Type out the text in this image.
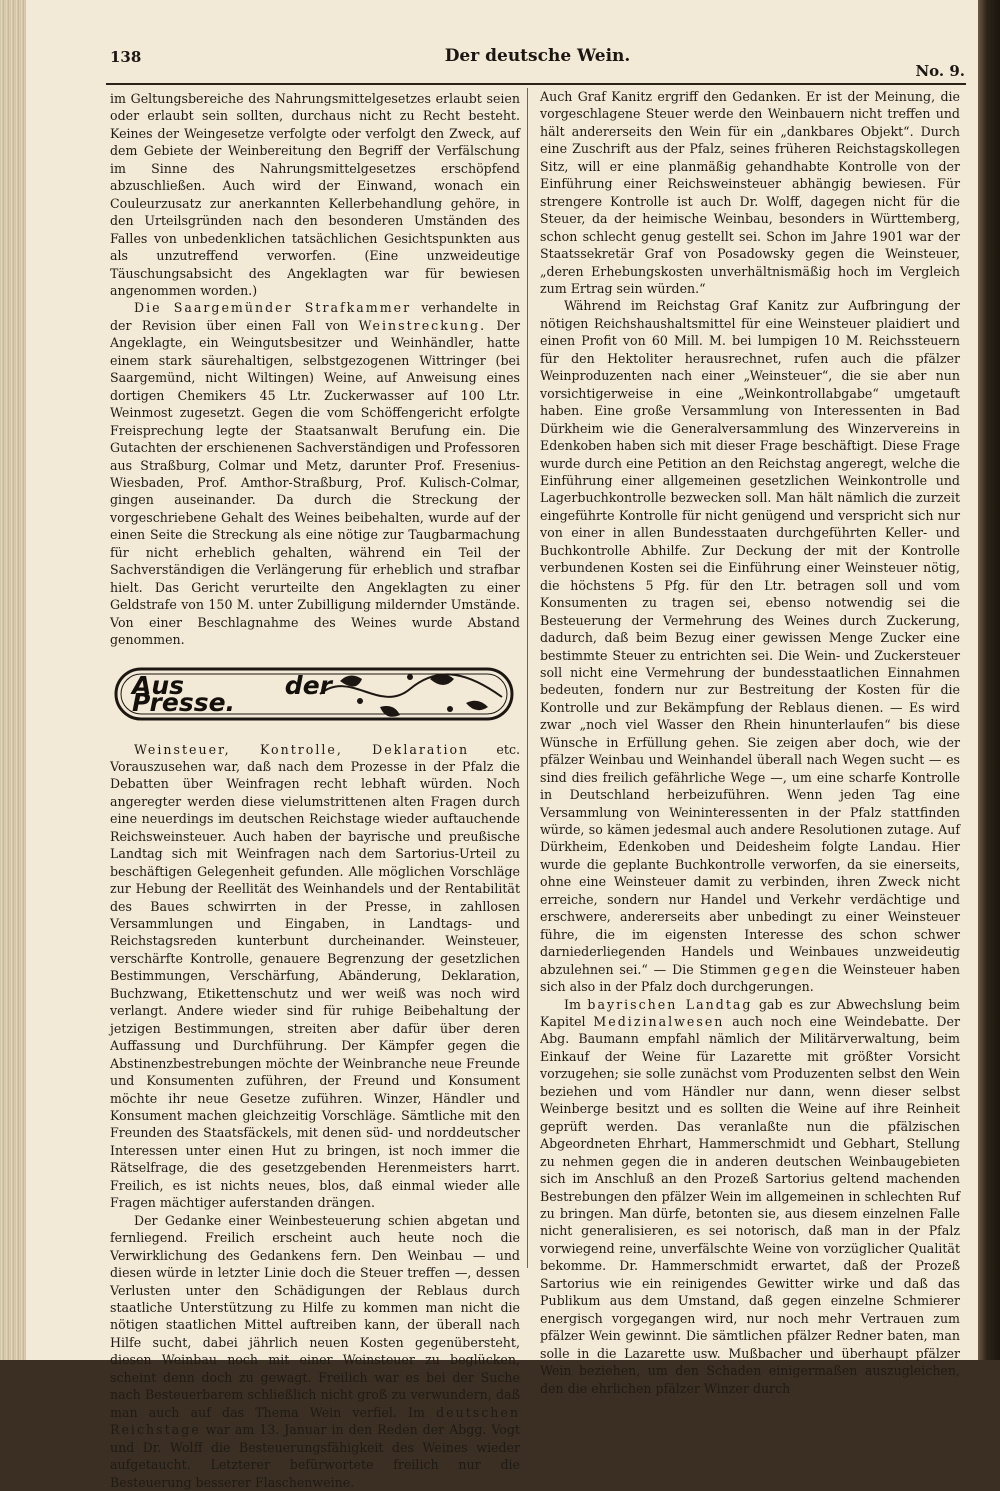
138	Der deutsche Wein.
No. 9.

im Geltungsbereiche des Nahrungsmittelgesetzes erlaubt seien oder erlaubt sein sollten, durchaus nicht zu Recht besteht. Keines der Weingesetze verfolgte oder verfolgt den Zweck, auf dem Gebiete der Weinbereitung den Begriff der Verfälschung im Sinne des Nahrungsmittelgesetzes erschöpfend abzuschließen. Auch wird der Einwand, wonach ein Couleurzusatz zur anerkannten Kellerbehandlung gehöre, in den Urteilsgründen nach den besonderen Umständen des Falles von unbedenklichen tatsächlichen Gesichtspunkten aus als unzutreffend verworfen. (Eine unzweideutige Täuschungsabsicht des Angeklagten war für bewiesen angenommen worden.)

Die Saargemünder Strafkammer verhandelte in der Revision über einen Fall von Weinstreckung. Der Angeklagte, ein Weingutsbesitzer und Weinhändler, hatte einem stark säurehaltigen, selbstgezogenen Wittringer (bei Saargemünd, nicht Wiltingen) Weine, auf Anweisung eines dortigen Chemikers 45 Ltr. Zuckerwasser auf 100 Ltr. Weinmost zugesetzt. Gegen die vom Schöffengericht erfolgte Freisprechung legte der Staatsanwalt Berufung ein. Die Gutachten der erschienenen Sachverständigen und Professoren aus Straßburg, Colmar und Metz, darunter Prof. Fresenius-Wiesbaden, Prof. Amthor-Straßburg, Prof. Kulisch-Colmar, gingen auseinander. Da durch die Streckung der vorgeschriebene Gehalt des Weines beibehalten, wurde auf der einen Seite die Streckung als eine nötige zur Taugbarmachung für nicht erheblich gehalten, während ein Teil der Sachverständigen die Verlängerung für erheblich und strafbar hielt. Das Gericht verurteilte den Angeklagten zu einer Geldstrafe von 150 M. unter Zubilligung mildernder Umstände. Von einer Beschlagnahme des Weines wurde Abstand genommen.

Aus der Presse.

Weinsteuer, Kontrolle, Deklaration etc. Vorauszusehen war, daß nach dem Prozesse in der Pfalz die Debatten über Weinfragen recht lebhaft würden. Noch angeregter werden diese vielumstrittenen alten Fragen durch eine neuerdings im deutschen Reichstage wieder auftauchende Reichsweinsteuer. Auch haben der bayrische und preußische Landtag sich mit Weinfragen nach dem Sartorius-Urteil zu beschäftigen Gelegenheit gefunden. Alle möglichen Vorschläge zur Hebung der Reellität des Weinhandels und der Rentabilität des Baues schwirrten in der Presse, in zahllosen Versammlungen und Eingaben, in Landtags- und Reichstagsreden kunterbunt durcheinander. Weinsteuer, verschärfte Kontrolle, genauere Begrenzung der gesetzlichen Bestimmungen, Verschärfung, Abänderung, Deklaration, Buchzwang, Etikettenschutz und wer weiß was noch wird verlangt. Andere wieder sind für ruhige Beibehaltung der jetzigen Bestimmungen, streiten aber dafür über deren Auffassung und Durchführung. Der Kämpfer gegen die Abstinenzbestrebungen möchte der Weinbranche neue Freunde und Konsumenten zuführen, der Freund und Konsument möchte ihr neue Gesetze zuführen. Winzer, Händler und Konsument machen gleichzeitig Vorschläge. Sämtliche mit den Freunden des Staatsfäckels, mit denen süd- und norddeutscher Interessen unter einen Hut zu bringen, ist noch immer die Rätselfrage, die des gesetzgebenden Herenmeisters harrt. Freilich, es ist nichts neues, blos, daß einmal wieder alle Fragen mächtiger auferstanden drängen.

Der Gedanke einer Weinbesteuerung schien abgetan und fernliegend. Freilich erscheint auch heute noch die Verwirklichung des Gedankens fern. Den Weinbau — und diesen würde in letzter Linie doch die Steuer treffen —, dessen Verlusten unter den Schädigungen der Reblaus durch staatliche Unterstützung zu Hilfe zu kommen man nicht die nötigen staatlichen Mittel auftreiben kann, der überall nach Hilfe sucht, dabei jährlich neuen Kosten gegenübersteht, diesen Weinbau noch mit einer Weinsteuer zu beglücken, scheint denn doch zu gewagt. Freilich war es bei der Suche nach Besteuerbarem schließlich nicht groß zu verwundern, daß man auch auf das Thema Wein verfiel. Im deutschen Reichstage war am 13. Januar in den Reden der Abgg. Vogt und Dr. Wolff die Besteuerungsfähigkeit des Weines wieder aufgetaucht. Letzterer befürwortete freilich nur die Besteuerung besserer Flaschenweine.

Auch Graf Kanitz ergriff den Gedanken. Er ist der Meinung, die vorgeschlagene Steuer werde den Weinbauern nicht treffen und hält andererseits den Wein für ein „dankbares Objekt“. Durch eine Zuschrift aus der Pfalz, seines früheren Reichstagskollegen Sitz, will er eine planmäßig gehandhabte Kontrolle von der Einführung einer Reichsweinsteuer abhängig bewiesen. Für strengere Kontrolle ist auch Dr. Wolff, dagegen nicht für die Steuer, da der heimische Weinbau, besonders in Württemberg, schon schlecht genug gestellt sei. Schon im Jahre 1901 war der Staatssekretär Graf von Posadowsky gegen die Weinsteuer, „deren Erhebungskosten unverhältnismäßig hoch im Vergleich zum Ertrag sein würden.“

Während im Reichstag Graf Kanitz zur Aufbringung der nötigen Reichshaushaltsmittel für eine Weinsteuer plaidiert und einen Profit von 60 Mill. M. bei lumpigen 10 M. Reichssteuern für den Hektoliter herausrechnet, rufen auch die pfälzer Weinproduzenten nach einer „Weinsteuer“, die sie aber nun vorsichtigerweise in eine „Weinkontrollabgabe“ umgetauft haben. Eine große Versammlung von Interessenten in Bad Dürkheim wie die Generalversammlung des Winzervereins in Edenkoben haben sich mit dieser Frage beschäftigt. Diese Frage wurde durch eine Petition an den Reichstag angeregt, welche die Einführung einer allgemeinen gesetzlichen Weinkontrolle und Lagerbuchkontrolle bezwecken soll. Man hält nämlich die zurzeit eingeführte Kontrolle für nicht genügend und verspricht sich nur von einer in allen Bundesstaaten durchgeführten Keller- und Buchkontrolle Abhilfe. Zur Deckung der mit der Kontrolle verbundenen Kosten sei die Einführung einer Weinsteuer nötig, die höchstens 5 Pfg. für den Ltr. betragen soll und vom Konsumenten zu tragen sei, ebenso notwendig sei die Besteuerung der Vermehrung des Weines durch Zuckerung, dadurch, daß beim Bezug einer gewissen Menge Zucker eine bestimmte Steuer zu entrichten sei. Die Wein- und Zuckersteuer soll nicht eine Vermehrung der bundesstaatlichen Einnahmen bedeuten, fondern nur zur Bestreitung der Kosten für die Kontrolle und zur Bekämpfung der Reblaus dienen. — Es wird zwar „noch viel Wasser den Rhein hinunterlaufen“ bis diese Wünsche in Erfüllung gehen. Sie zeigen aber doch, wie der pfälzer Weinbau und Weinhandel überall nach Wegen sucht — es sind dies freilich gefährliche Wege —, um eine scharfe Kontrolle in Deutschland herbeizuführen. Wenn jeden Tag eine Versammlung von Weininteressenten in der Pfalz stattfinden würde, so kämen jedesmal auch andere Resolutionen zutage. Auf Dürkheim, Edenkoben und Deidesheim folgte Landau. Hier wurde die geplante Buchkontrolle verworfen, da sie einerseits, ohne eine Weinsteuer damit zu verbinden, ihren Zweck nicht erreiche, sondern nur Handel und Verkehr verdächtige und erschwere, andererseits aber unbedingt zu einer Weinsteuer führe, die im eigensten Interesse des schon schwer darniederliegenden Handels und Weinbaues unzweideutig abzulehnen sei.“ — Die Stimmen gegen die Weinsteuer haben sich also in der Pfalz doch durchgerungen.

Im bayrischen Landtag gab es zur Abwechslung beim Kapitel Medizinalwesen auch noch eine Weindebatte. Der Abg. Baumann empfahl nämlich der Militärverwaltung, beim Einkauf der Weine für Lazarette mit größter Vorsicht vorzugehen; sie solle zunächst vom Produzenten selbst den Wein beziehen und vom Händler nur dann, wenn dieser selbst Weinberge besitzt und es sollten die Weine auf ihre Reinheit geprüft werden. Das veranlaßte nun die pfälzischen Abgeordneten Ehrhart, Hammerschmidt und Gebhart, Stellung zu nehmen gegen die in anderen deutschen Weinbaugebieten sich im Anschluß an den Prozeß Sartorius geltend machenden Bestrebungen den pfälzer Wein im allgemeinen in schlechten Ruf zu bringen. Man dürfe, betonten sie, aus diesem einzelnen Falle nicht generalisieren, es sei notorisch, daß man in der Pfalz vorwiegend reine, unverfälschte Weine von vorzüglicher Qualität bekomme. Dr. Hammerschmidt erwartet, daß der Prozeß Sartorius wie ein reinigendes Gewitter wirke und daß das Publikum aus dem Umstand, daß gegen einzelne Schmierer energisch vorgegangen wird, nur noch mehr Vertrauen zum pfälzer Wein gewinnt. Die sämtlichen pfälzer Redner baten, man solle in die Lazarette usw. Mußbacher und überhaupt pfälzer Wein beziehen, um den Schaden einigermaßen auszugleichen, den die ehrlichen pfälzer Winzer durch
